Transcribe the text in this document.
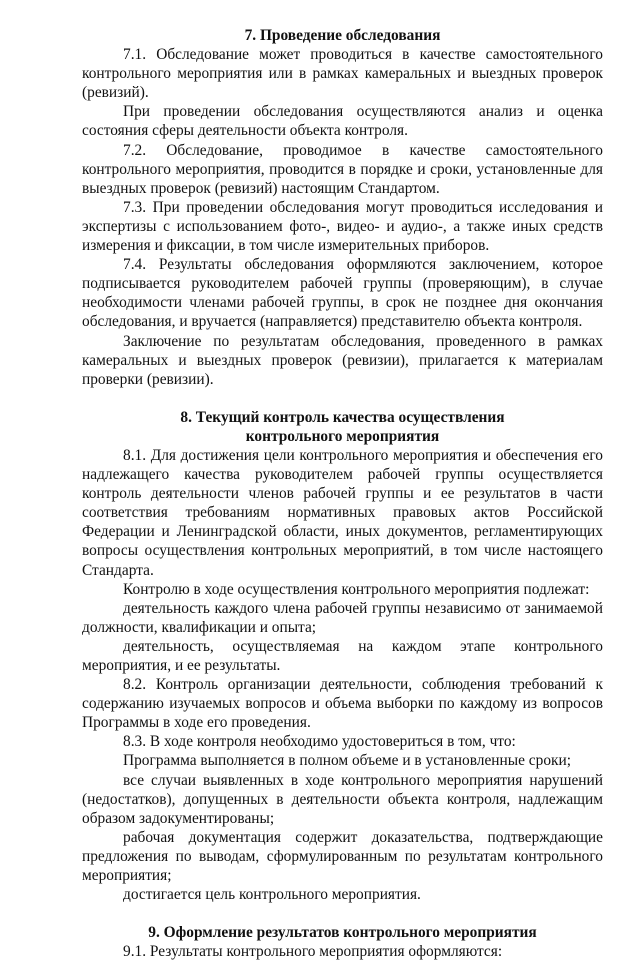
7. Проведение обследования

7.1. Обследование может проводиться в качестве самостоятельного контрольного мероприятия или в рамках камеральных и выездных проверок (ревизий).

При проведении обследования осуществляются анализ и оценка состояния сферы деятельности объекта контроля.

7.2. Обследование, проводимое в качестве самостоятельного контрольного мероприятия, проводится в порядке и сроки, установленные для выездных проверок (ревизий) настоящим Стандартом.

7.3. При проведении обследования могут проводиться исследования и экспертизы с использованием фото-, видео- и аудио-, а также иных средств измерения и фиксации, в том числе измерительных приборов.

7.4. Результаты обследования оформляются заключением, которое подписывается руководителем рабочей группы (проверяющим), в случае необходимости членами рабочей группы, в срок не позднее дня окончания обследования, и вручается (направляется) представителю объекта контроля.

Заключение по результатам обследования, проведенного в рамках камеральных и выездных проверок (ревизии), прилагается к материалам проверки (ревизии).

8. Текущий контроль качества осуществления

контрольного мероприятия

8.1. Для достижения цели контрольного мероприятия и обеспечения его надлежащего качества руководителем рабочей группы осуществляется контроль деятельности членов рабочей группы и ее результатов в части соответствия требованиям нормативных правовых актов Российской Федерации и Ленинградской области, иных документов, регламентирующих вопросы осуществления контрольных мероприятий, в том числе настоящего Стандарта.

Контролю в ходе осуществления контрольного мероприятия подлежат:

деятельность каждого члена рабочей группы независимо от занимаемой должности, квалификации и опыта;

деятельность, осуществляемая на каждом этапе контрольного мероприятия, и ее результаты.

8.2. Контроль организации деятельности, соблюдения требований к содержанию изучаемых вопросов и объема выборки по каждому из вопросов Программы в ходе его проведения.

8.3. В ходе контроля необходимо удостовериться в том, что:

Программа выполняется в полном объеме и в установленные сроки;

все случаи выявленных в ходе контрольного мероприятия нарушений (недостатков), допущенных в деятельности объекта контроля, надлежащим образом задокументированы;

рабочая документация содержит доказательства, подтверждающие предложения по выводам, сформулированным по результатам контрольного мероприятия;

достигается цель контрольного мероприятия.

9. Оформление результатов контрольного мероприятия

9.1. Результаты контрольного мероприятия оформляются:
